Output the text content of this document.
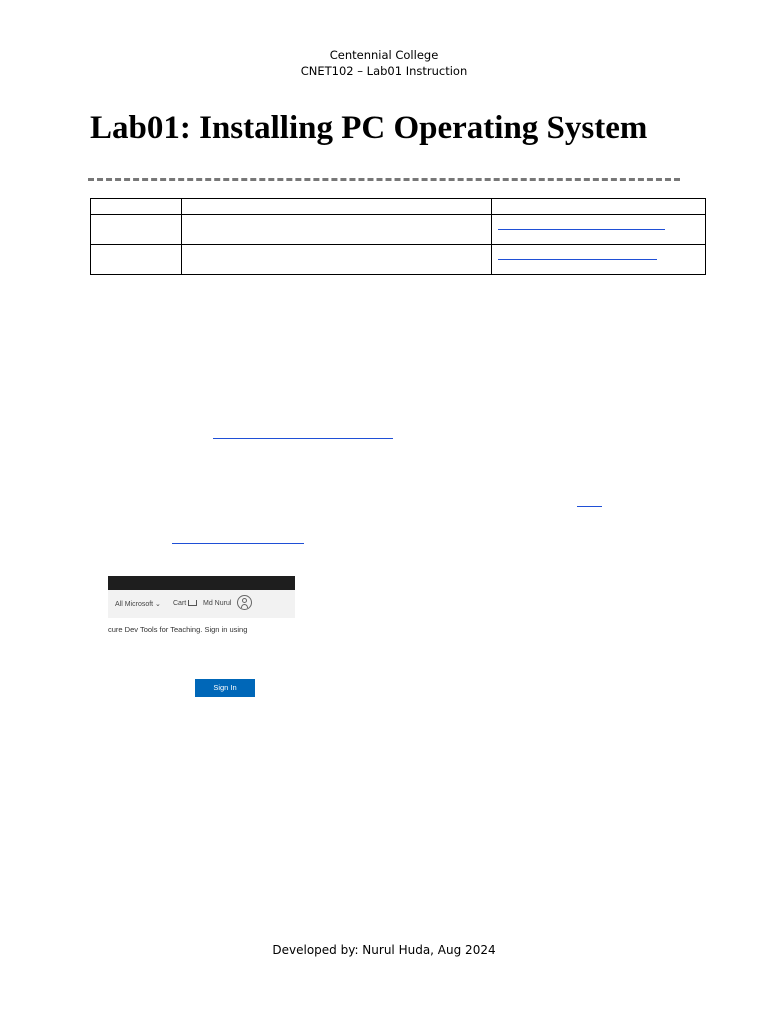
Centennial College
CNET102 – Lab01 Instruction
Lab01: Installing PC Operating System

All Microsoft ⌄ Cart	Md Nurul
cure Dev Tools for Teaching. Sign in using
Sign In
Developed by: Nurul Huda, Aug 2024
